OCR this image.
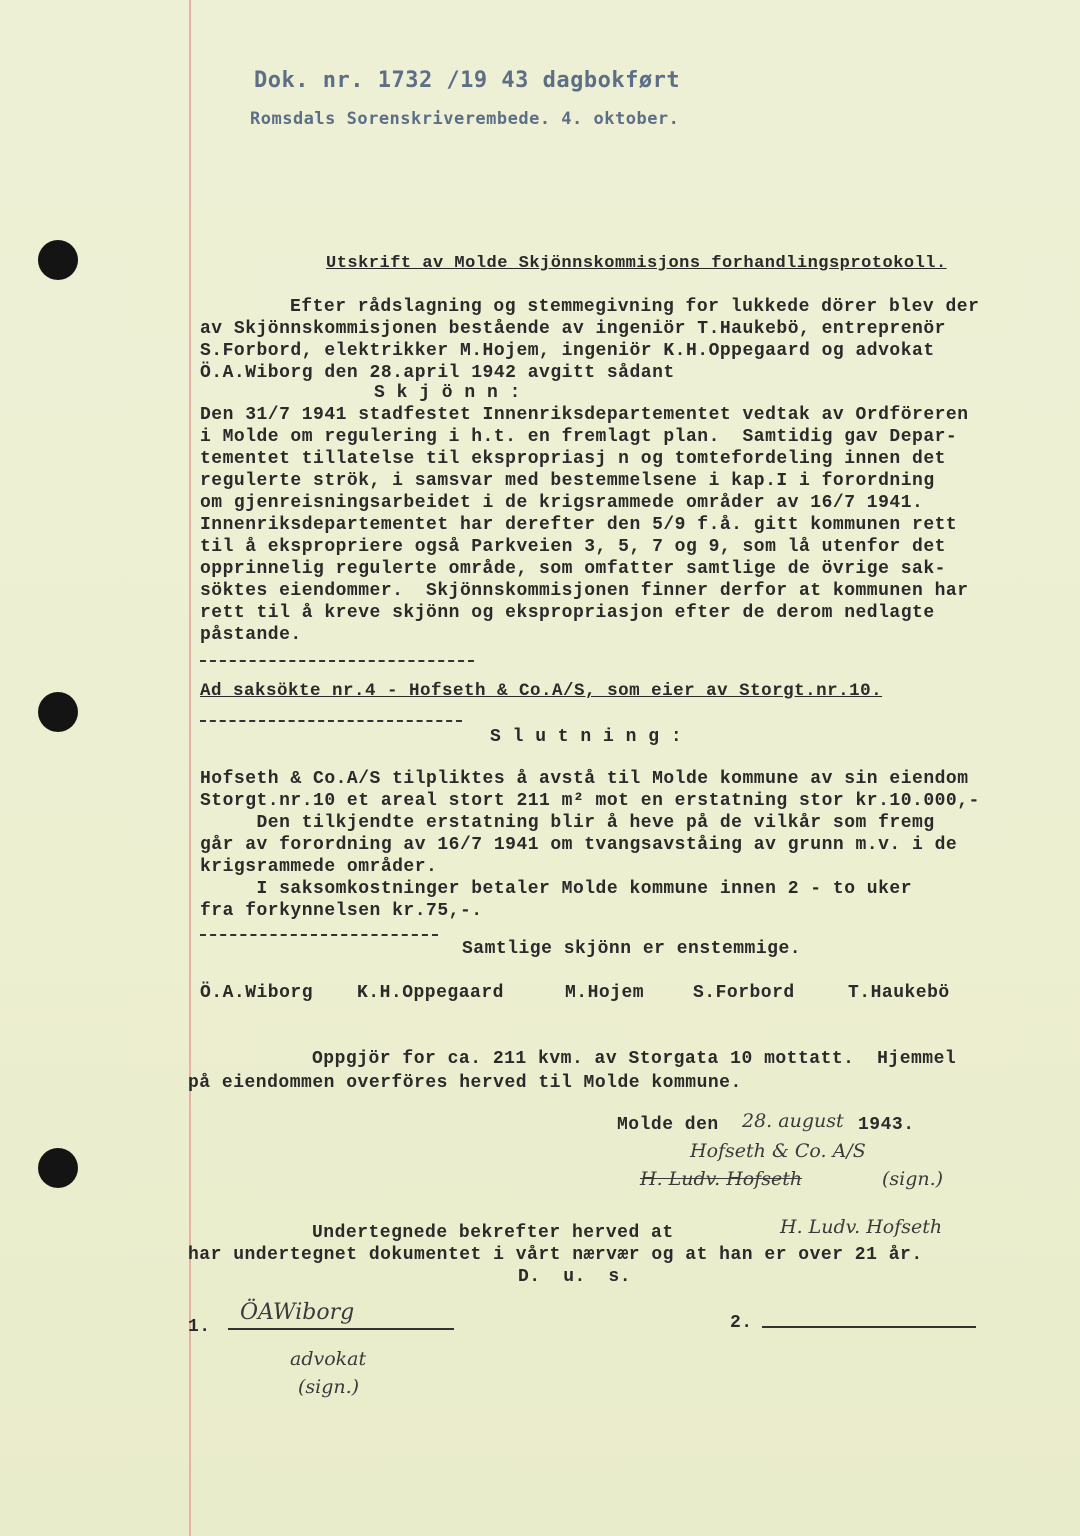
Dok. nr. 1732 /19 43 dagbokført
Romsdals Sorenskriverembede. 4. oktober.
Utskrift av Molde Skjönnskommisjons forhandlingsprotokoll.
Efter rådslagning og stemmegivning for lukkede dörer blev der
av Skjönnskommisjonen bestående av ingeniör T.Haukebö, entreprenör
S.Forbord, elektrikker M.Hojem, ingeniör K.H.Oppegaard og advokat
Ö.A.Wiborg den 28.april 1942 avgitt sådant
S k j ö n n :
Den 31/7 1941 stadfestet Innenriksdepartementet vedtak av Ordföreren
i Molde om regulering i h.t. en fremlagt plan.  Samtidig gav Depar-
tementet tillatelse til ekspropriasj n og tomtefordeling innen det
regulerte strök, i samsvar med bestemmelsene i kap.I i forordning
om gjenreisningsarbeidet i de krigsrammede områder av 16/7 1941.
Innenriksdepartementet har derefter den 5/9 f.å. gitt kommunen rett
til å ekspropriere også Parkveien 3, 5, 7 og 9, som lå utenfor det
opprinnelig regulerte område, som omfatter samtlige de övrige sak-
söktes eiendommer.  Skjönnskommisjonen finner derfor at kommunen har
rett til å kreve skjönn og ekspropriasjon efter de derom nedlagte
påstande.
Ad saksökte nr.4 - Hofseth & Co.A/S, som eier av Storgt.nr.10.
S l u t n i n g :
Hofseth & Co.A/S tilpliktes å avstå til Molde kommune av sin eiendom
Storgt.nr.10 et areal stort 211 m² mot en erstatning stor kr.10.000,-
Den tilkjendte erstatning blir å heve på de vilkår som fremg
går av forordning av 16/7 1941 om tvangsavståing av grunn m.v. i de
krigsrammede områder.
I saksomkostninger betaler Molde kommune innen 2 - to uker
fra forkynnelsen kr.75,-.
Samtlige skjönn er enstemmige.
Ö.A.Wiborg K.H.Oppegaard	M.Hojem	S.Forbord	T.Haukebö
Oppgjör for ca. 211 kvm. av Storgata 10 mottatt.  Hjemmel
på eiendommen overföres herved til Molde kommune.
Molde den 28. august 1943.
Hofseth & Co. A/S
H. Ludv. Hofseth	(sign.)
Undertegnede bekrefter herved at	H. Ludv. Hofseth
har undertegnet dokumentet i vårt nærvær og at han er over 21 år.
D.  u.  s.
1.
ÖAWiborg
advokat
(sign.)
2.
